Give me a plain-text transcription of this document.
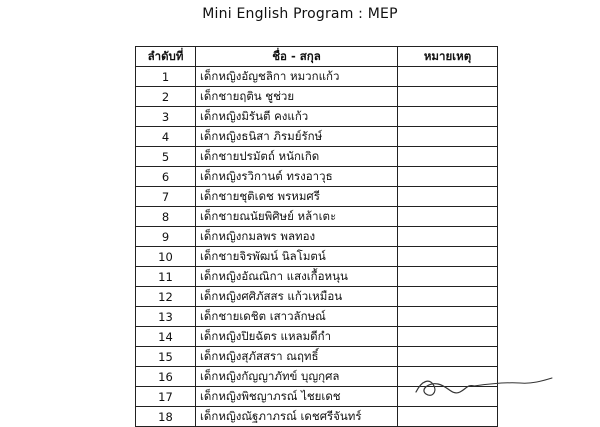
Mini English Program : MEP
ลำดับที่	ชื่อ - สกุล	หมายเหตุ
1	เด็กหญิงอัญชลิกา หมวกแก้ว	
2	เด็กชายฤติน ชูช่วย	
3	เด็กหญิงมิรันตี คงแก้ว	
4	เด็กหญิงธนิสา ภิรมย์รักษ์	
5	เด็กชายปรมัตถ์ หนักเกิด	
6	เด็กหญิงรวิกานต์ ทรงอาวุธ	
7	เด็กชายชุติเดช พรหมศรี	
8	เด็กชายณนัยพิศิษย์ หล้าเตะ	
9	เด็กหญิงกมลพร พลทอง	
10	เด็กชายจิรพัฒน์ นิลโมตน์	
11	เด็กหญิงอัณณิกา แสงเกื้อหนุน	
12	เด็กหญิงศศิภัสสร แก้วเหมือน	
13	เด็กชายเดชิต เสาวลักษณ์	
14	เด็กหญิงปิยฉัตร แหลมดีกำ	
15	เด็กหญิงสุภัสสรา ณฤทธิ์	
16	เด็กหญิงกัญญาภัทข์ บุญกุศล	
17	เด็กหญิงพิชญาภรณ์ ไชยเดช	
18	เด็กหญิงณัฐภาภรณ์ เดชศรีจันทร์	
